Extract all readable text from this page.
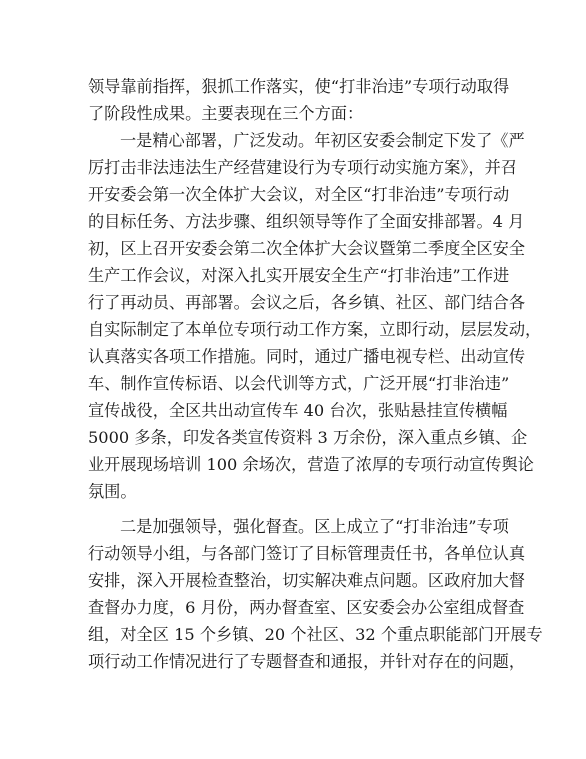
领导靠前指挥，狠抓工作落实，使“打非治违”专项行动取得
了阶段性成果。主要表现在三个方面：
一是精心部署，广泛发动。年初区安委会制定下发了《严
厉打击非法违法生产经营建设行为专项行动实施方案》，并召
开安委会第一次全体扩大会议，对全区“打非治违”专项行动
的目标任务、方法步骤、组织领导等作了全面安排部署。4 月
初，区上召开安委会第二次全体扩大会议暨第二季度全区安全
生产工作会议，对深入扎实开展安全生产“打非治违”工作进
行了再动员、再部署。会议之后，各乡镇、社区、部门结合各
自实际制定了本单位专项行动工作方案，立即行动，层层发动，
认真落实各项工作措施。同时，通过广播电视专栏、出动宣传
车、制作宣传标语、以会代训等方式，广泛开展“打非治违”
宣传战役，全区共出动宣传车 40 台次，张贴悬挂宣传横幅
5000 多条，印发各类宣传资料 3 万余份，深入重点乡镇、企
业开展现场培训 100 余场次，营造了浓厚的专项行动宣传舆论
氛围。
二是加强领导，强化督查。区上成立了“打非治违”专项
行动领导小组，与各部门签订了目标管理责任书，各单位认真
安排，深入开展检查整治，切实解决难点问题。区政府加大督
查督办力度，6 月份，两办督查室、区安委会办公室组成督查
组，对全区 15 个乡镇、20 个社区、32 个重点职能部门开展专
项行动工作情况进行了专题督查和通报，并针对存在的问题，
